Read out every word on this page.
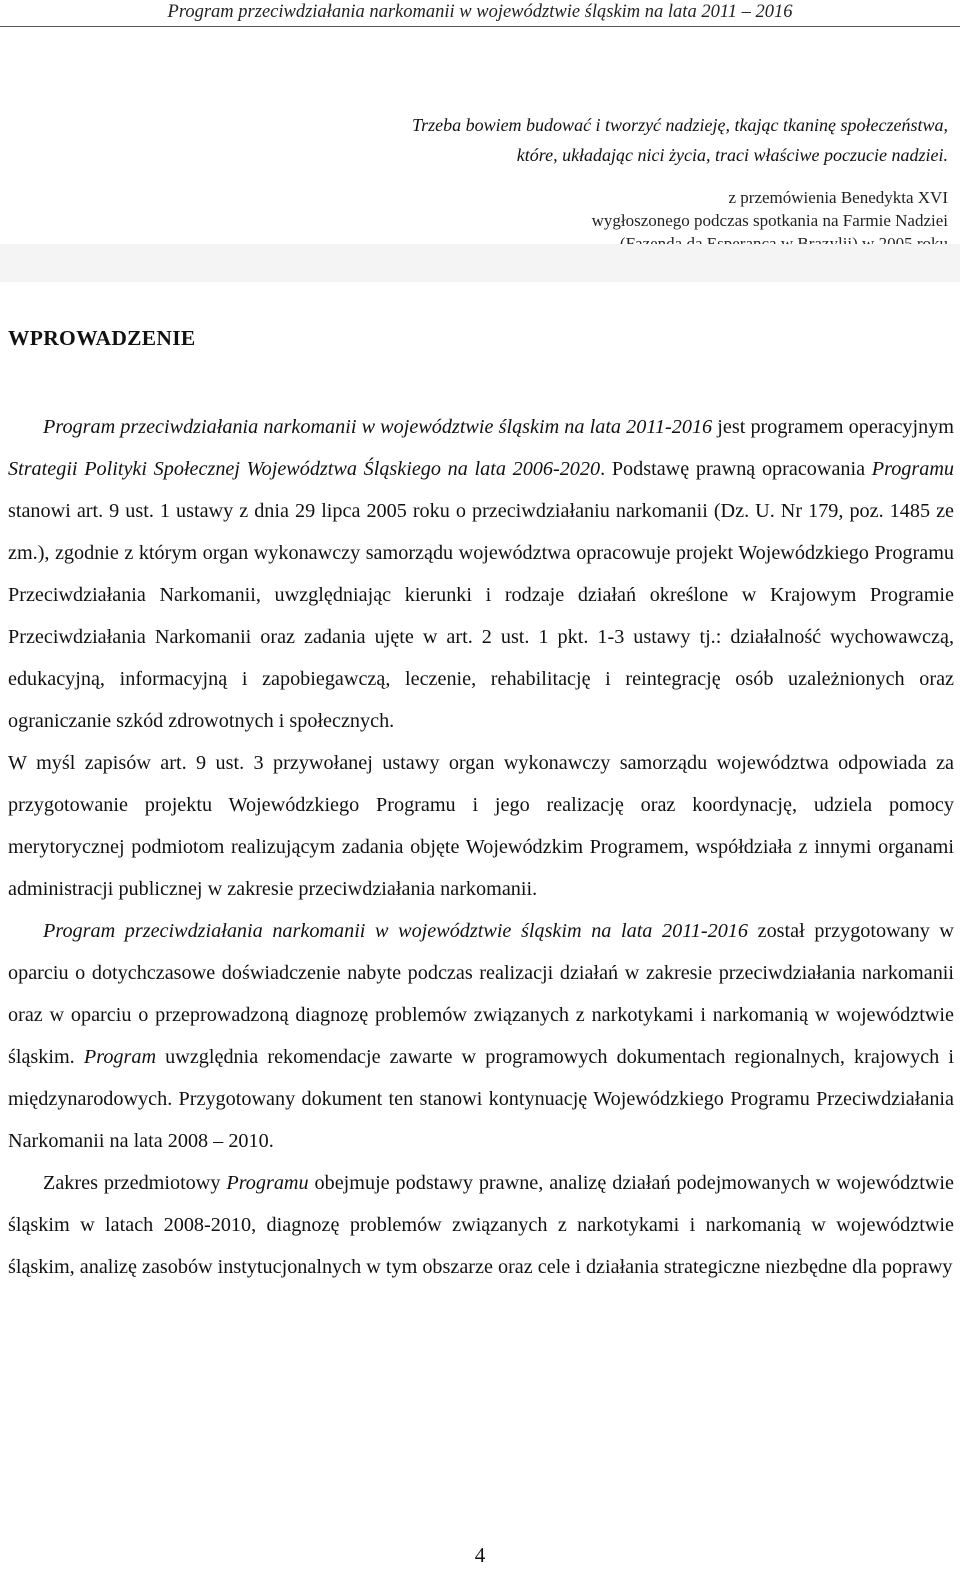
Program przeciwdziałania narkomanii w województwie śląskim na lata 2011 – 2016

Trzeba bowiem budować i tworzyć nadzieję, tkając tkaninę społeczeństwa,

które, układając nici życia, traci właściwe poczucie nadziei.

z przemówienia Benedykta XVI

wygłoszonego podczas spotkania na Farmie Nadziei

WPROWADZENIE

Program przeciwdziałania narkomanii w województwie śląskim na lata 2011-2016 jest programem operacyjnym Strategii Polityki Społecznej Województwa Śląskiego na lata 2006-2020. Podstawę prawną opracowania Programu stanowi art. 9 ust. 1 ustawy z dnia 29 lipca 2005 roku o przeciwdziałaniu narkomanii (Dz. U. Nr 179, poz. 1485 ze zm.), zgodnie z którym organ wykonawczy samorządu województwa opracowuje projekt Wojewódzkiego Programu Przeciwdziałania Narkomanii, uwzględniając kierunki i rodzaje działań określone w Krajowym Programie Przeciwdziałania Narkomanii oraz zadania ujęte w art. 2 ust. 1 pkt. 1-3 ustawy tj.: działalność wychowawczą, edukacyjną, informacyjną i zapobiegawczą, leczenie, rehabilitację i reintegrację osób uzależnionych oraz ograniczanie szkód zdrowotnych i społecznych.

W myśl zapisów art. 9 ust. 3 przywołanej ustawy organ wykonawczy samorządu województwa odpowiada za przygotowanie projektu Wojewódzkiego Programu i jego realizację oraz koordynację, udziela pomocy merytorycznej podmiotom realizującym zadania objęte Wojewódzkim Programem, współdziała z innymi organami administracji publicznej w zakresie przeciwdziałania narkomanii.

Program przeciwdziałania narkomanii w województwie śląskim na lata 2011-2016 został przygotowany w oparciu o dotychczasowe doświadczenie nabyte podczas realizacji działań w zakresie przeciwdziałania narkomanii oraz w oparciu o przeprowadzoną diagnozę problemów związanych z narkotykami i narkomanią w województwie śląskim. Program uwzględnia rekomendacje zawarte w programowych dokumentach regionalnych, krajowych i międzynarodowych. Przygotowany dokument ten stanowi kontynuację Wojewódzkiego Programu Przeciwdziałania Narkomanii na lata 2008 – 2010.

Zakres przedmiotowy Programu obejmuje podstawy prawne, analizę działań podejmowanych w województwie śląskim w latach 2008-2010, diagnozę problemów związanych z narkotykami i narkomanią w województwie śląskim, analizę zasobów instytucjonalnych w tym obszarze oraz cele i działania strategiczne niezbędne dla poprawy

4
